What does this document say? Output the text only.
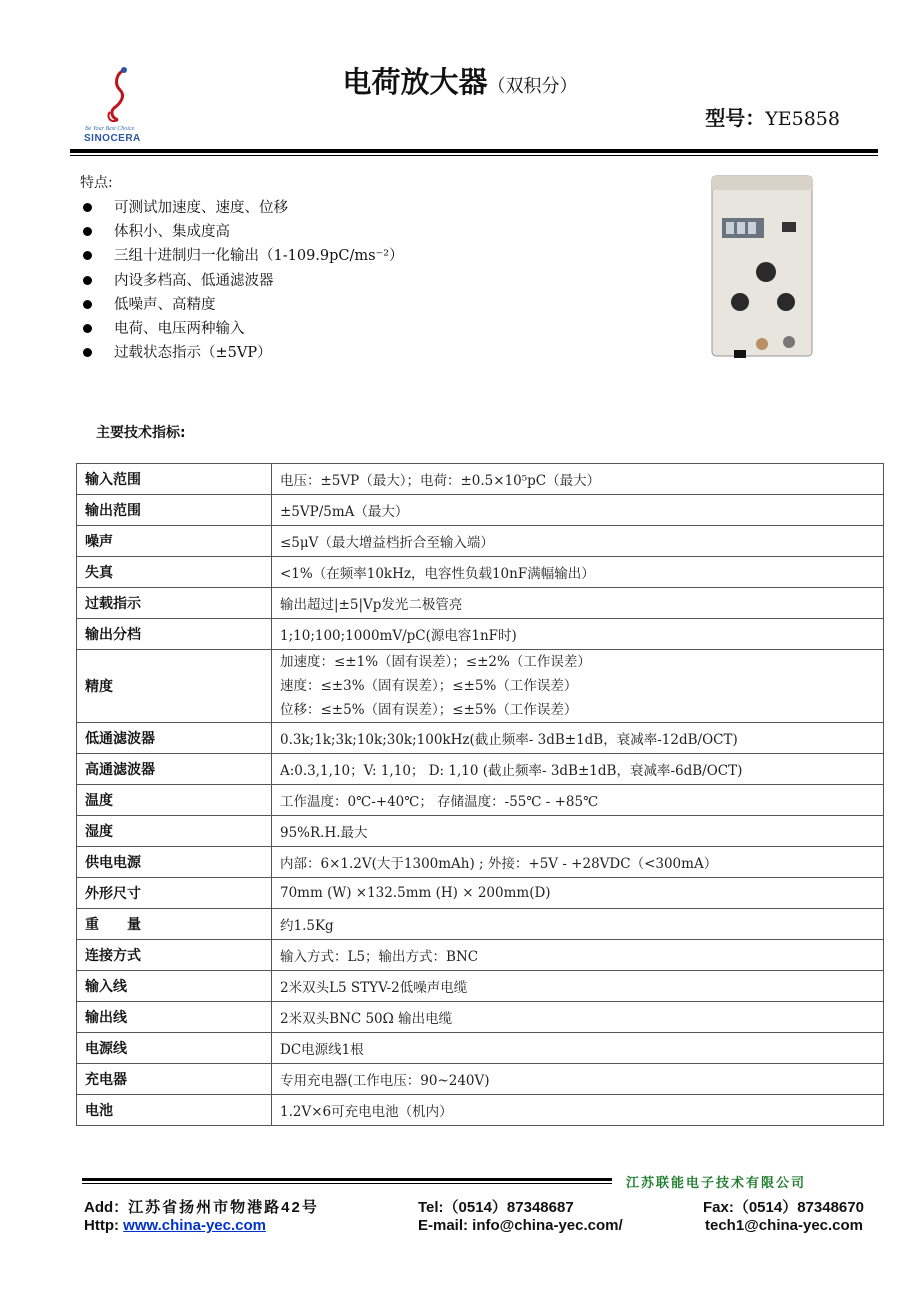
Be Your Best Choice
SINOCERA
电荷放大器（双积分）
型号：YE5858
特点:
可测试加速度、速度、位移
体积小、集成度高
三组十进制归一化输出（1-109.9pC/ms⁻²）
内设多档高、低通滤波器
低噪声、高精度
电荷、电压两种输入
过载状态指示（±5VP）
主要技术指标:
输入范围	电压：±5VP（最大）；电荷：±0.5×10⁵pC（最大）
输出范围	±5VP/5mA（最大）
噪声	≤5μV（最大增益档折合至输入端）
失真	<1%（在频率10kHz，电容性负载10nF满幅输出）
过载指示	输出超过|±5|Vp发光二极管亮
输出分档	1;10;100;1000mV/pC(源电容1nF时)
精度	加速度：≤±1%（固有误差）；≤±2%（工作误差）
速度：≤±3%（固有误差）；≤±5%（工作误差）
位移：≤±5%（固有误差）；≤±5%（工作误差）

低通滤波器	0.3k;1k;3k;10k;30k;100kHz(截止频率- 3dB±1dB，衰减率-12dB/OCT)
高通滤波器	A:0.3,1,10；V: 1,10； D: 1,10 (截止频率- 3dB±1dB，衰减率-6dB/OCT)
温度	工作温度：0℃-+40℃； 存储温度：-55℃ - +85℃
湿度	95%R.H.最大
供电电源	内部：6×1.2V(大于1300mAh) ; 外接：+5V - +28VDC（<300mA）
外形尺寸	70mm (W) ×132.5mm (H) × 200mm(D)
重　　量	约1.5Kg
连接方式	输入方式：L5；输出方式：BNC
输入线	2米双头L5 STYV-2低噪声电缆
输出线	2米双头BNC 50Ω 输出电缆
电源线	DC电源线1根
充电器	专用充电器(工作电压：90~240V)
电池	1.2V×6可充电电池（机内）
江苏联能电子技术有限公司
Add：江苏省扬州市物港路42号	Tel:（0514）87348687	Fax:（0514）87348670
Http: www.china-yec.com	E-mail: info@china-yec.com/	tech1@china-yec.com
